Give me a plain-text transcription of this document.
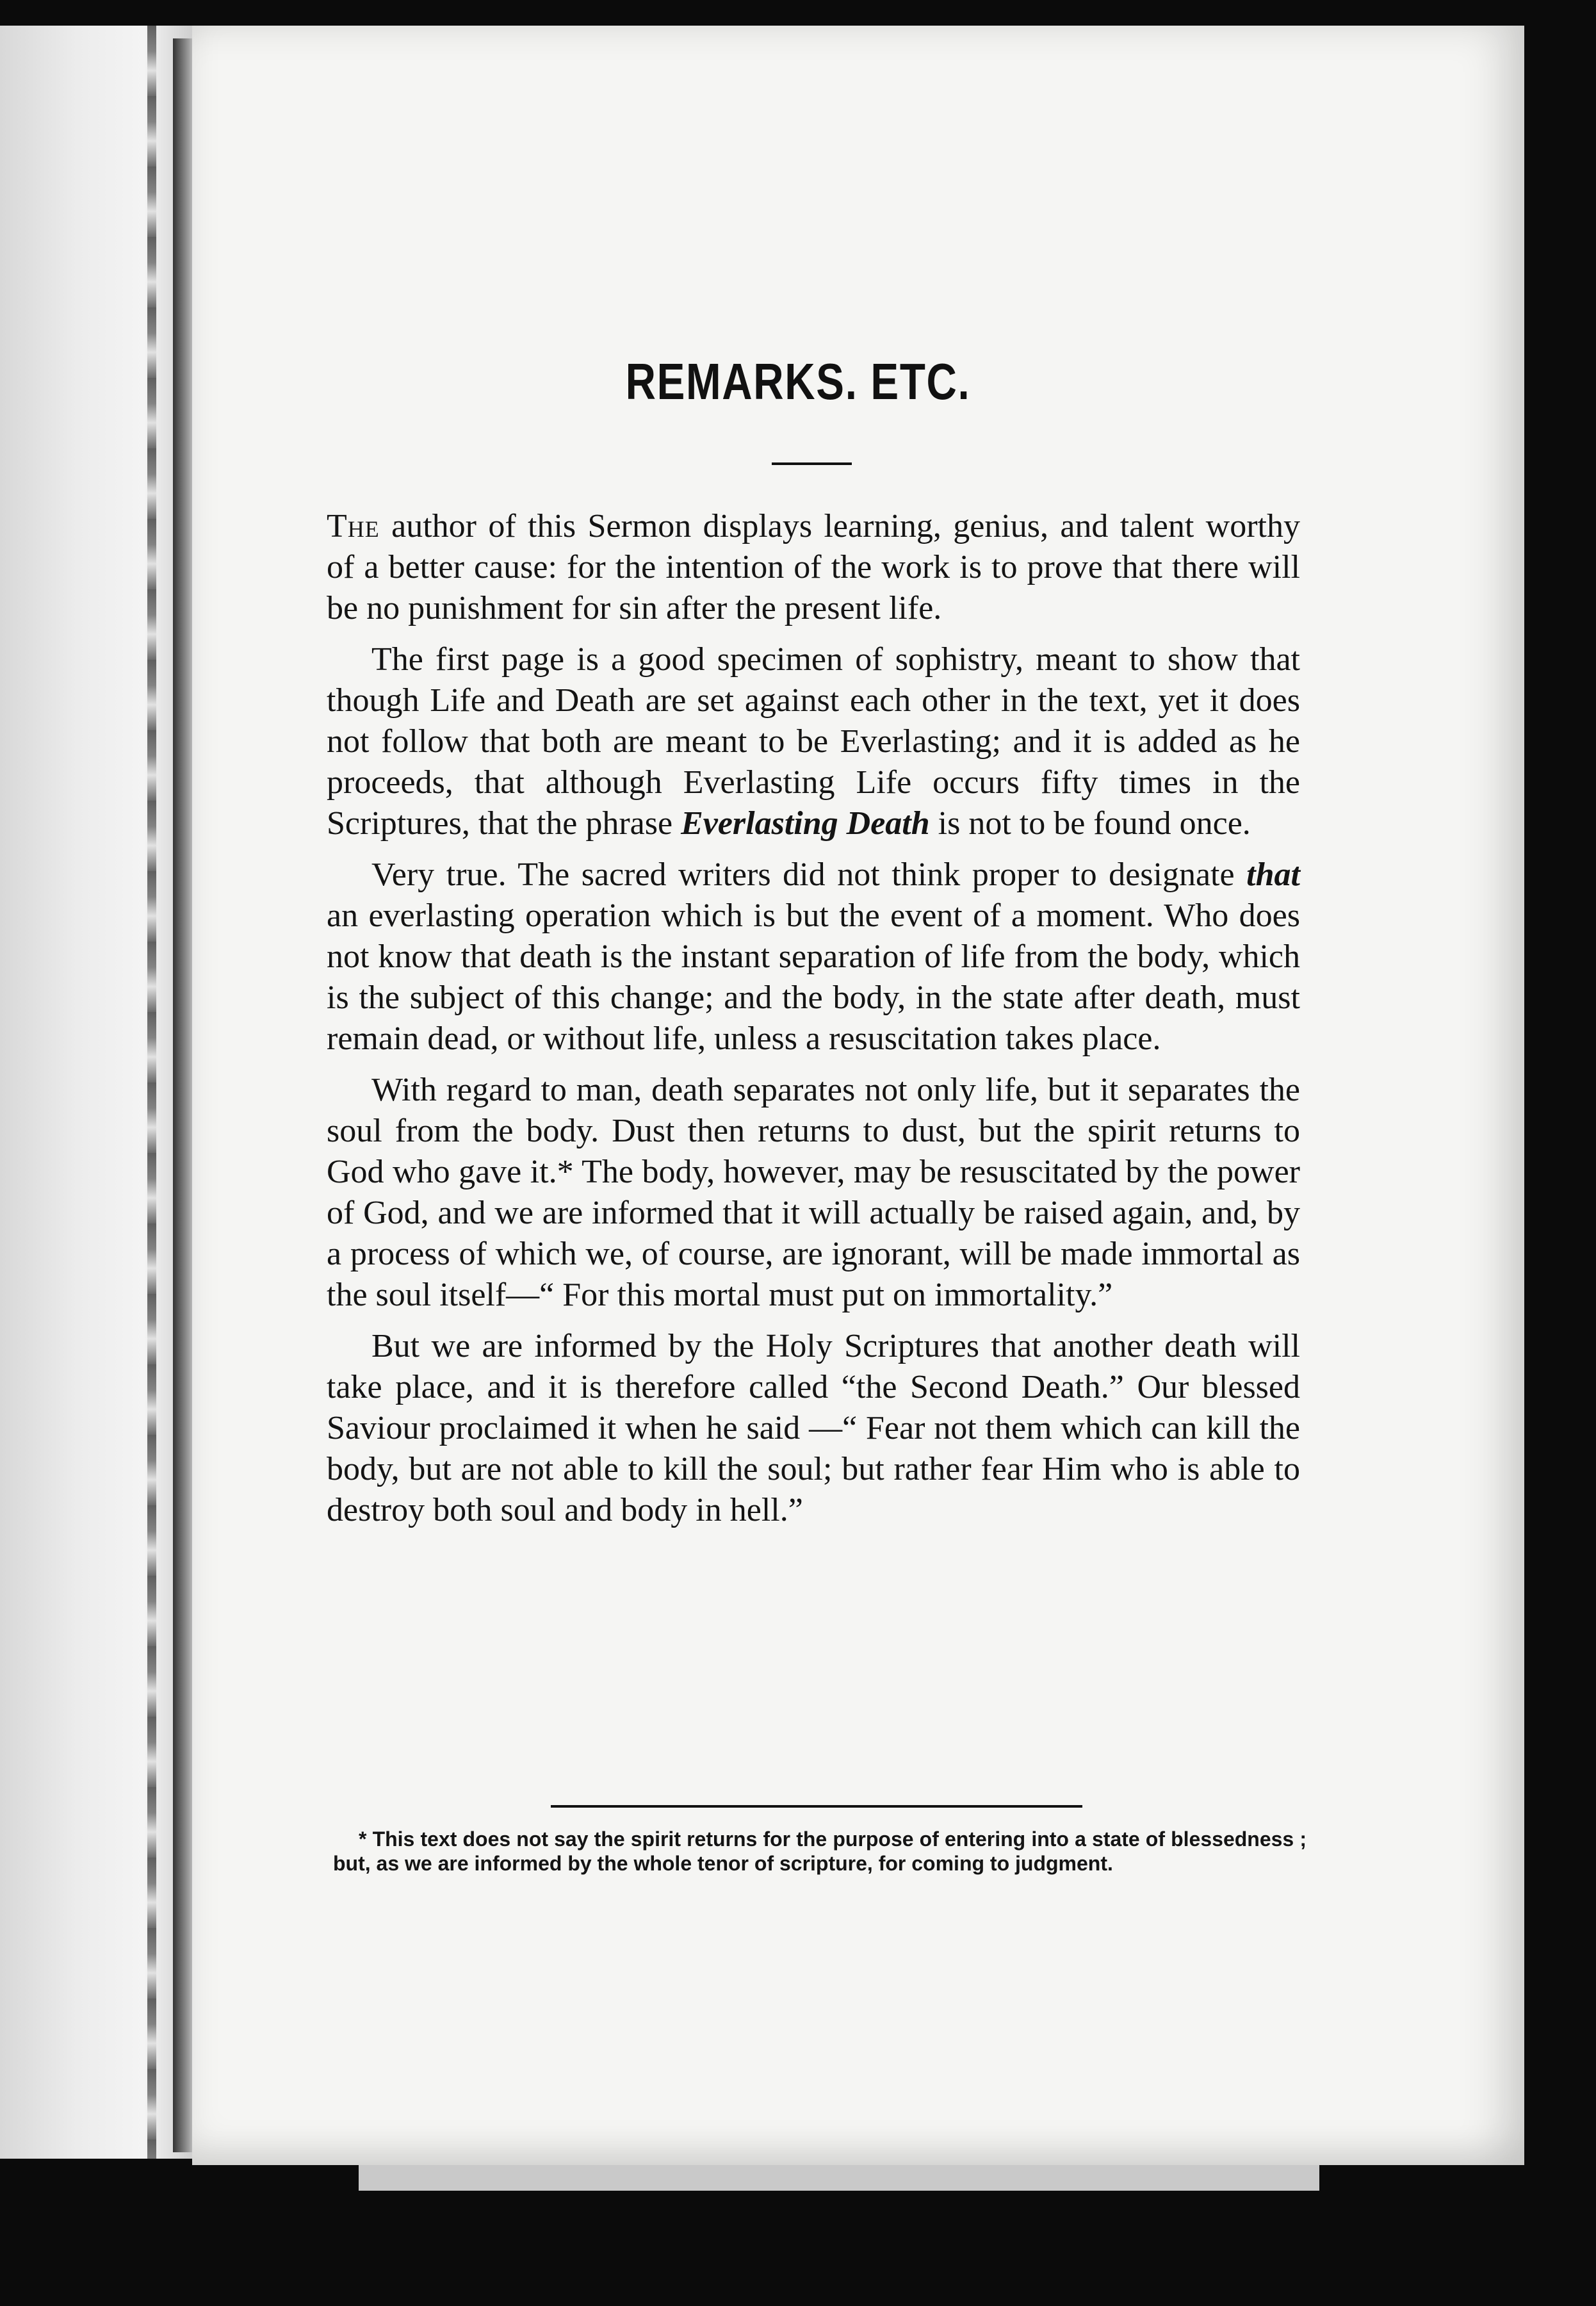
REMARKS. ETC.

The author of this Sermon displays learning, genius, and talent worthy of a better cause: for the intention of the work is to prove that there will be no punishment for sin after the present life.

The first page is a good specimen of sophistry, meant to show that though Life and Death are set against each other in the text, yet it does not follow that both are meant to be Everlasting; and it is added as he proceeds, that although Everlasting Life occurs fifty times in the Scriptures, that the phrase Everlasting Death is not to be found once.

Very true. The sacred writers did not think proper to designate that an everlasting operation which is but the event of a moment. Who does not know that death is the instant separation of life from the body, which is the subject of this change; and the body, in the state after death, must remain dead, or without life, unless a resuscitation takes place.

With regard to man, death separates not only life, but it separates the soul from the body. Dust then returns to dust, but the spirit returns to God who gave it.* The body, however, may be resuscitated by the power of God, and we are informed that it will actually be raised again, and, by a process of which we, of course, are ignorant, will be made immortal as the soul itself—“ For this mortal must put on immortality.”

But we are informed by the Holy Scriptures that another death will take place, and it is therefore called “the Second Death.” Our blessed Saviour proclaimed it when he said —“ Fear not them which can kill the body, but are not able to kill the soul; but rather fear Him who is able to destroy both soul and body in hell.”

* This text does not say the spirit returns for the purpose of entering into a state of blessedness ; but, as we are informed by the whole tenor of scripture, for coming to judgment.
